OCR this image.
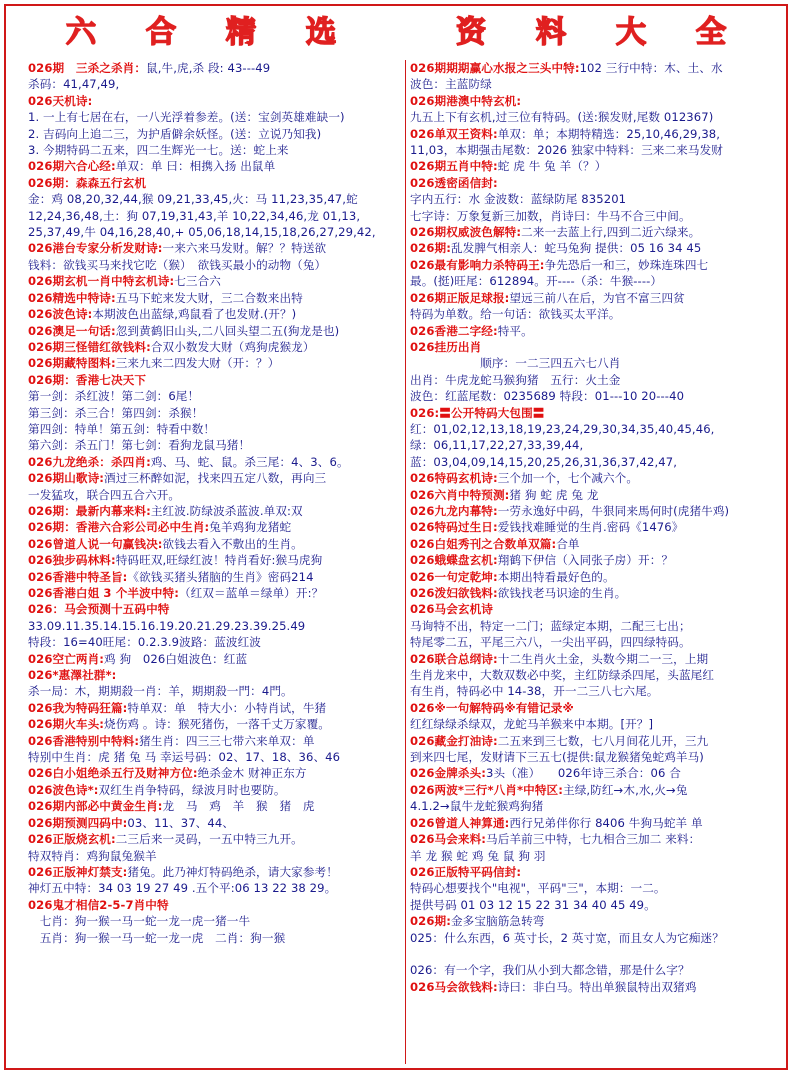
六 合 精 选	资 料 大 全
026期　三杀之杀肖：鼠,牛,虎,杀 段: 43---49
杀码：41,47,49,
026天机诗:
1. 一上有七居在右，一八光浮着参差。(送：宝剑英雄难缺一)
2. 吉码向上追二三，为护盾僻余妖怪。(送：立说乃知我)
3. 今期特码二五来，四二生辉光一七。送：蛇上来
026期六合心经:单双：单 曰：相携入扬 出鼠单
026期：森森五行玄机
金：鸡 08,20,32,44,猴 09,21,33,45,火：马 11,23,35,47,蛇
12,24,36,48,土：狗 07,19,31,43,羊 10,22,34,46,龙 01,13,
25,37,49,牛 04,16,28,40,+ 05,06,18,14,15,18,26,27,29,42,
026港台专家分析发财诗:一来六来马发财。解？？特送欲
钱料：欲钱买马来找它吃（猴）　欲钱买最小的动物（兔）
026期玄机一肖中特玄机诗:七三合六
026精选中特诗:五马下蛇来发大财，三二合数来出特
026波色诗:本期波色出蓝绿,鸡鼠看了也发财.(开？)
026澳足一句话:忽到黄鹤旧山头,二八回头望二五(狗龙是也)
026期三怪错红欲钱料:合双小数发大财（鸡狗虎猴龙）
026期藏特图料:三来九来二四发大财（开：？）
026期：香港七决天下
第一剑：杀红波！第二剑：6尾！
第三剑：杀三合！第四剑：杀猴！
第四剑：特单！第五剑：特看中数！
第六剑：杀五门！第七剑：看狗龙鼠马猪！
026九龙绝杀：杀四肖:鸡、马、蛇、鼠。杀三尾：4、3、6。
026期山歌诗:酒过三杯醉如泥，找来四五定八数，再向三
一发猛攻，联合四五合六开。
026期：最新内幕来料:主红波.防绿波杀蓝波.单双:双
026期：香港六合彩公司必中生肖:兔羊鸡狗龙猪蛇
026曾道人说一句赢钱决:欲钱去看入不敷出的生肖。
026独步码林料:特码旺双,旺绿红波！特肖看好:猴马虎狗
026香港中特圣旨:《欲钱买猪头猪脑的生肖》密码214
026香港白姐 3 个半波中特:（红双＝蓝单＝绿单）开:？
026：马会预测十五码中特
33.09.11.35.14.15.16.19.20.21.29.23.39.25.49
特段：16=40旺尾：0.2.3.9波路：蓝波红波
026空亡两肖:鸡 狗　026白姐波色：红蓝
026*惠澤社群*:
杀一局：木，期期殺一肖：羊，期期殺一門：4門。
026我为特码狂篇:特单双：单　特大小：小特肖试，牛猪
026期火车头:烧伤鸡 。诗：猴死猪伤，一落千丈万家覆。
026香港特别中特料:猪生肖：四三三七带六来单双：单
特别中生肖：虎 猪 兔 马 幸运号码：02、17、18、36、46
026白小姐绝杀五行及财神方位:绝杀金木 财神正东方
026波色诗*:双红生肖争特码，绿波月时也要防。
026期内部必中黄金生肖:龙　马　鸡　羊　猴　猪　虎
026期预测四码中:03、11、37、44、
026正版烧玄机:二三后来一灵码，一五中特三九开。
特双特肖：鸡狗鼠兔猴羊
026正版神灯禁支:猪兔。此乃神灯特码绝杀，请大家参考！
神灯五中特：34 03 19 27 49 .五个平:06 13 22 38 29。
026鬼才相信2-5-7肖中特
　七肖：狗一猴一马一蛇一龙一虎一猪一牛
　五肖：狗一猴一马一蛇一龙一虎　二肖：狗一猴
026期期期赢心水报之三头中特:102 三行中特：木、土、水
波色：主蓝防绿
026期港澳中特玄机:
九五上下有玄机,过三位有特码。(送:猴发财,尾数 012367)
026单双王资料:单双：单；本期特精选：25,10,46,29,38,
11,03，本期强击尾数：2026 独家中特料：三来二来马发财
026期五肖中特:蛇 虎 牛 兔 羊（？）
026透密函信封:
字内五行：水 金波数：蓝绿防尾 835201
七字诗：万象复新三加数，肖诗曰：牛马不合三中间。
026期权威波色解特:二来一去蓝上行,四到二近六绿来。
026期:乱发脾气相亲人：蛇马兔狗 提供：05 16 34 45
026最有影响力杀特码王:争先恐后一和三，妙珠连珠四七
最。(挺)旺尾：612894。开----（杀：牛猴----）
026期正版足球报:望远三前八在后，为官不富三四贫
特码为单数。给一句话：欲钱买太平洋。
026香港二字经:特平。
026挂历出肖
　　　　　　顺序：一二三四五六七八肖
出肖：牛虎龙蛇马猴狗猪　五行：火土金
波色：红蓝尾数：0235689 特段：01---10 20---40
026:〓公开特码大包围〓
红：01,02,12,13,18,19,23,24,29,30,34,35,40,45,46,
绿：06,11,17,22,27,33,39,44,
蓝：03,04,09,14,15,20,25,26,31,36,37,42,47,
026特码玄机诗:三个加一个，七个减六个。
026六肖中特预测:猪 狗 蛇 虎 兔 龙
026九龙内幕特:一劳永逸好中码，牛狠同来馬何时(虎猪牛鸡)
026特码过生日:爱钱找难睡觉的生肖.密码《1476》
026白姐秀刊之合数单双篇:合单
026蛾蝶盘玄机:翔鹤下伊信（入同张子房）开：？
026一句定乾坤:本期出特看最好色的。
026泼妇欲钱料:欲钱找老马识途的生肖。
026马会玄机诗
马询特不出，特定一二门；蓝绿定本期，二配三七出；
特尾零二五，平尾三六八，一尖出平码，四四绿特码。
026联合总纲诗:十二生肖火土金，头数今期二一三，上期
生肖龙来中，大数双数必中奖，主红防绿杀四尾，头蓝尾红
有生肖，特码必中 14-38，开一二三八七六尾。
026※一句解特码※有错记录※
红红绿绿杀绿双，龙蛇马羊猴来中本期。[开？]
026藏金打油诗:二五来到三七数，七八月间花儿开，三九
到来四七尾，发财请下三五七(提供:鼠龙猴猪兔蛇鸡羊马)
026金牌杀头:3头（准）　　026年诗三杀合：06 合
026两波*三行*八肖*中特区:主绿,防红→木,水,火→兔
4.1.2→鼠牛龙蛇猴鸡狗猪
026曾道人神算通:西行兄弟伴你行 8406 牛狗马蛇羊 单
026马会来料:马后羊前三中特，七九相合三加二 来料：
羊 龙 猴 蛇 鸡 兔 鼠 狗 羽
026正版特平码信封:
特码心想要找个"电视"，平码"三"，本期：一二。
提供号码 01 03 12 15 22 31 34 40 45 49。
026期:金多宝脑筋急转弯
025：什么东西，6 英寸长，2 英寸宽，而且女人为它痴迷？

026：有一个字，我们从小到大都念错，那是什么字？
026马会欲钱料:诗曰：非白马。特出单猴鼠特出双猪鸡
